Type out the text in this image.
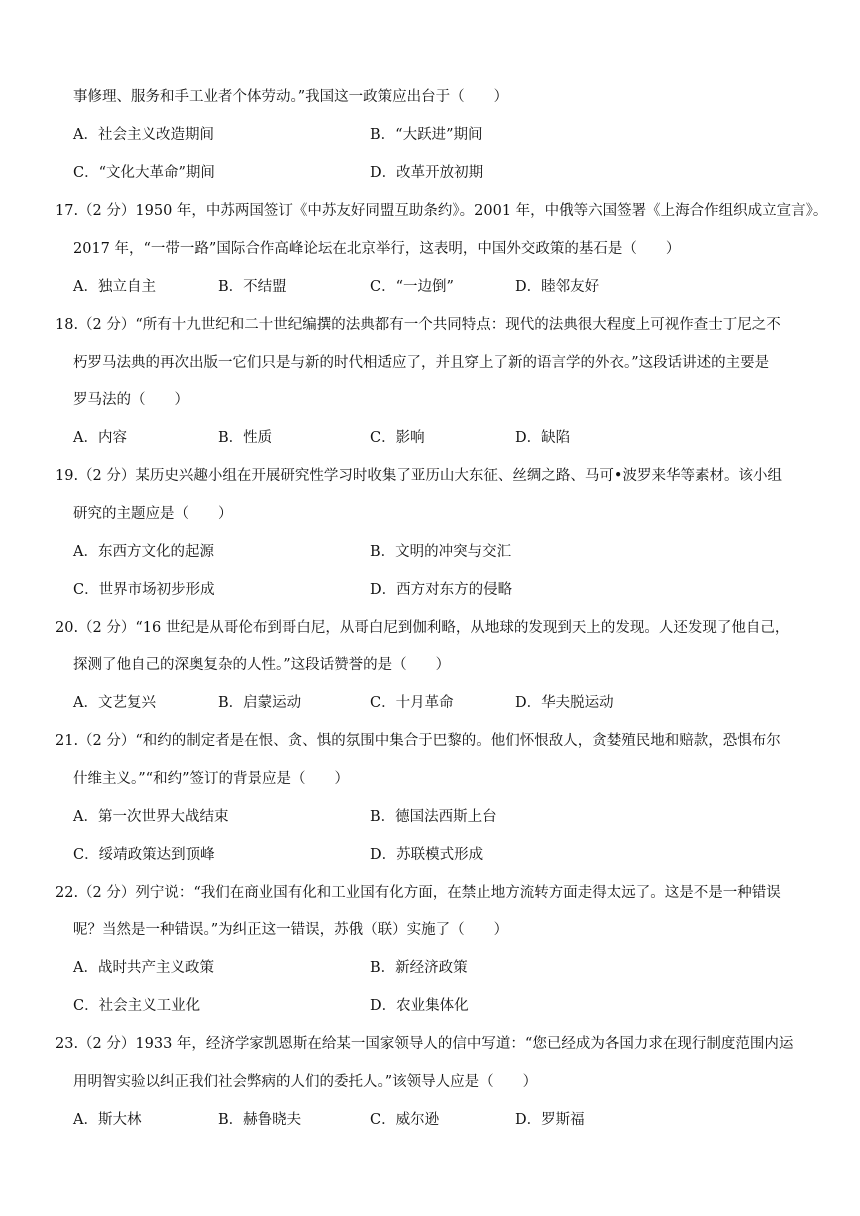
事修理、服务和手工业者个体劳动。”我国这一政策应出台于（　　）
A．社会主义改造期间	B．“大跃进”期间
C．“文化大革命”期间	D．改革开放初期
17.（2 分）1950 年，中苏两国签订《中苏友好同盟互助条约》。2001 年，中俄等六国签署《上海合作组织成立宣言》。
2017 年，“一带一路”国际合作高峰论坛在北京举行，这表明，中国外交政策的基石是（　　）
A．独立自主	B．不结盟	C．“一边倒”	D．睦邻友好
18.（2 分）“所有十九世纪和二十世纪编撰的法典都有一个共同特点：现代的法典很大程度上可视作查士丁尼之不
朽罗马法典的再次出版一它们只是与新的时代相适应了，并且穿上了新的语言学的外衣。”这段话讲述的主要是
罗马法的（　　）
A．内容	B．性质	C．影响	D．缺陷
19.（2 分）某历史兴趣小组在开展研究性学习时收集了亚历山大东征、丝绸之路、马可•波罗来华等素材。该小组
研究的主题应是（　　）
A．东西方文化的起源	B．文明的冲突与交汇
C．世界市场初步形成	D．西方对东方的侵略
20.（2 分）“16 世纪是从哥伦布到哥白尼，从哥白尼到伽利略，从地球的发现到天上的发现。人还发现了他自己，
探测了他自己的深奥复杂的人性。”这段话赞誉的是（　　）
A．文艺复兴	B．启蒙运动	C．十月革命	D．华夫脱运动
21.（2 分）“和约的制定者是在恨、贪、惧的氛围中集合于巴黎的。他们怀恨敌人，贪婪殖民地和赔款，恐惧布尔
什维主义。”“和约”签订的背景应是（　　）
A．第一次世界大战结束	B．德国法西斯上台
C．绥靖政策达到顶峰	D．苏联模式形成
22.（2 分）列宁说：“我们在商业国有化和工业国有化方面，在禁止地方流转方面走得太远了。这是不是一种错误
呢？当然是一种错误。”为纠正这一错误，苏俄（联）实施了（　　）
A．战时共产主义政策	B．新经济政策
C．社会主义工业化	D．农业集体化
23.（2 分）1933 年，经济学家凯恩斯在给某一国家领导人的信中写道：“您已经成为各国力求在现行制度范围内运
用明智实验以纠正我们社会弊病的人们的委托人。”该领导人应是（　　）
A．斯大林	B．赫鲁晓夫	C．威尔逊	D．罗斯福
